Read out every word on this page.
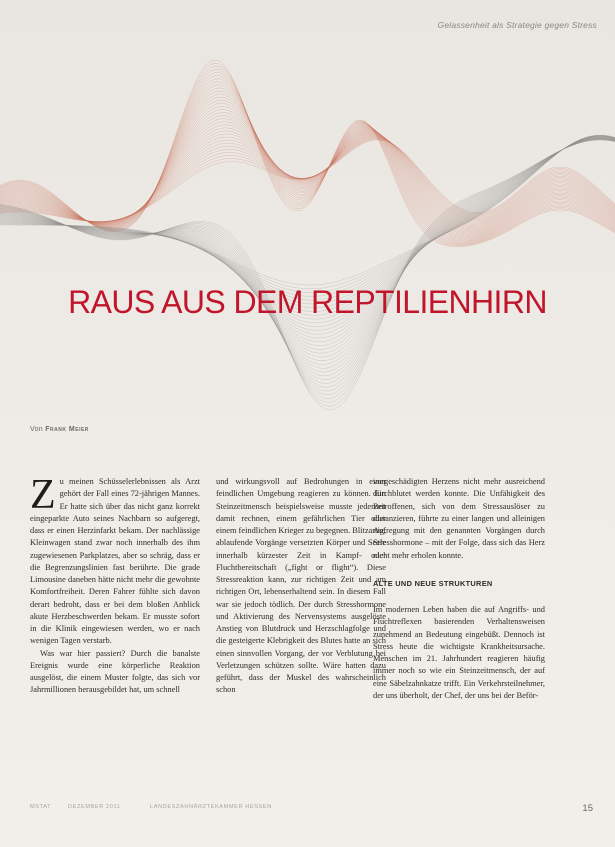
Gelassenheit als Strategie gegen Stress
RAUS AUS DEM REPTILIENHIRN
Von Frank Meier

Zu meinen Schüsselerlebnissen als Arzt gehört der Fall eines 72-jährigen Mannes. Er hatte sich über das nicht ganz korrekt eingeparkte Auto seines Nachbarn so aufgeregt, dass er einen Herzinfarkt bekam. Der nachlässige Kleinwagen stand zwar noch innerhalb des ihm zugewiesenen Parkplatzes, aber so schräg, dass er die Begrenzungslinien fast berührte. Die grade Limousine daneben hätte nicht mehr die gewohnte Komfortfreiheit. Deren Fahrer fühlte sich davon derart bedroht, dass er bei dem bloßen Anblick akute Herzbeschwerden bekam. Er musste sofort in die Klinik eingewiesen werden, wo er nach wenigen Tagen verstarb.

Was war hier passiert? Durch die banalste Ereignis wurde eine körperliche Reaktion ausgelöst, die einem Muster folgte, das sich vor Jahrmillionen herausgebildet hat, um schnell

und wirkungsvoll auf Bedrohungen in einer feindlichen Umgebung reagieren zu können. Ein Steinzeitmensch beispielsweise musste jederzeit damit rechnen, einem gefährlichen Tier oder einem feindlichen Krieger zu begegnen. Blitzartig, ablaufende Vorgänge versetzten Körper und Seele innerhalb kürzester Zeit in Kampf- oder Fluchtbereitschaft („fight or flight“). Diese Stressreaktion kann, zur richtigen Zeit und am richtigen Ort, lebenserhaltend sein. In diesem Fall war sie jedoch tödlich. Der durch Stresshormone und Aktivierung des Nervensystems ausgelöste Anstieg von Blutdruck und Herzschlagfolge und die gesteigerte Klebrigkeit des Blutes hatte an sich einen sinnvollen Vorgang, der vor Verblutung bei Verletzungen schützen sollte. Wäre hatten dazu geführt, dass der Muskel des wahrscheinlich schon

vorgeschädigten Herzens nicht mehr ausreichend durchblutet werden konnte. Die Unfähigkeit des Betroffenen, sich von dem Stressauslöser zu distanzieren, führte zu einer langen und alleinigen Aufregung mit den genannten Vorgängen durch Stresshormone – mit der Folge, dass sich das Herz nicht mehr erholen konnte.

ALTE UND NEUE STRUKTUREN

Im modernen Leben haben die auf Angriffs- und Fluchtreflexen basierenden Verhaltensweisen zunehmend an Bedeutung eingebüßt. Dennoch ist Stress heute die wichtigste Krankheitsursache. Menschen im 21. Jahrhundert reagieren häufig immer noch so wie ein Steinzeitmensch, der auf eine Säbelzahnkatze trifft. Ein Verkehrsteilnehmer, der uns überholt, der Chef, der uns bei der Beför-

MSTAT	DEZEMBER 2011	LANDESZAHNÄRZTEKAMMER HESSEN	15
